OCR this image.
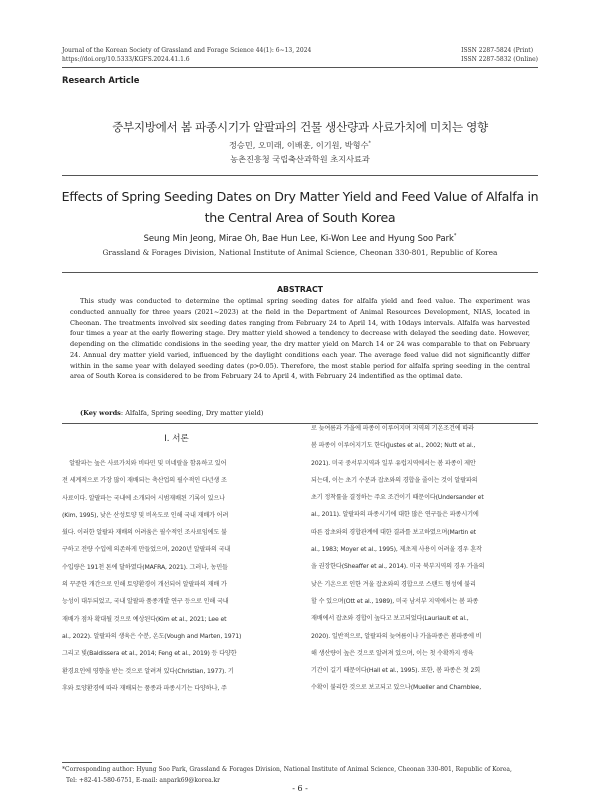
Journal of the Korean Society of Grassland and Forage Science 44(1): 6~13, 2024
https://doi.org/10.5333/KGFS.2024.41.1.6
ISSN 2287-5824 (Print)
ISSN 2287-5832 (Online)
Research Article
중부지방에서 봄 파종시기가 알팔파의 건물 생산량과 사료가치에 미치는 영향
정승민, 오미래, 이배훈, 이기원, 박형수*
농촌진흥청 국립축산과학원 초지사료과
Effects of Spring Seeding Dates on Dry Matter Yield and Feed Value of Alfalfa in the Central Area of South Korea
Seung Min Jeong, Mirae Oh, Bae Hun Lee, Ki-Won Lee and Hyung Soo Park*
Grassland & Forages Division, National Institute of Animal Science, Cheonan 330-801, Republic of Korea
ABSTRACT
This study was conducted to determine the optimal spring seeding dates for alfalfa yield and feed value. The experiment was conducted annually for three years (2021~2023) at the field in the Department of Animal Resources Development, NIAS, located in Cheonan. The treatments involved six seeding dates ranging from February 24 to April 14, with 10days intervals. Alfalfa was harvested four times a year at the early flowering stage. Dry matter yield showed a tendency to decrease with delayed the seeding date. However, depending on the climatidc condisions in the seeding year, the dry matter yield on March 14 or 24 was comparable to that on February 24. Annual dry matter yield varied, influenced by the daylight conditions each year. The average feed value did not significantly differ within in the same year with delayed seeding dates (p>0.05). Therefore, the most stable period for alfalfa spring seeding in the central area of South Korea is considered to be from February 24 to April 4, with February 24 indentified as the optimal date.
(Key words: Alfalfa, Spring seeding, Dry matter yield)
Ⅰ. 서론
알팔파는 높은 사료가치와 비타민 및 미네랄을 함유하고 있어
전 세계적으로 가장 많이 재배되는 축산업의 필수적인 다년생 조
사료이다. 알팔파는 국내에 소개되어 시범재배된 기록이 있으나
(Kim, 1995), 낮은 산성토양 및 비옥도로 인해 국내 재배가 어려
웠다. 이러한 알팔파 재배의 어려움은 필수적인 조사료임에도 불
구하고 전량 수입에 의존하게 만들었으며, 2020년 알팔파의 국내
수입량은 191천 톤에 달하였다(MAFRA, 2021). 그러나, 농민들
의 꾸준한 개간으로 인해 토양환경이 개선되어 알팔파의 재배 가
능성이 대두되었고, 국내 알팔파 품종개발 연구 등으로 인해 국내
재배가 점차 확대될 것으로 예상된다(Kim et al., 2021; Lee et
al., 2022). 알팔파의 생육은 수분, 온도(Vough and Marten, 1971)
그리고 빛(Baldissera et al., 2014; Feng et al., 2019) 등 다양한
환경요인에 영향을 받는 것으로 알려져 있다(Christian, 1977). 기
후와 토양환경에 따라 재배되는 품종과 파종시기는 다양하나, 주
로 늦여름과 가을에 파종이 이루어지며 지역의 기온조건에 따라
봄 파종이 이루어지기도 한다(Justes et al., 2002; Nutt et al.,
2021). 미국 중서부지역과 일부 유럽지역에서는 봄 파종이 제안
되는데, 이는 초기 수분과 잡초와의 경합을 줄이는 것이 알팔파의
초기 정착률을 결정하는 주요 조건이기 때문이다(Undersander et
al., 2011). 알팔파의 파종시기에 대한 많은 연구들은 파종시기에
따른 잡초와의 경합관계에 대한 결과를 보고하였으며(Martin et
al., 1983; Moyer et al., 1995), 제초제 사용이 어려울 경우 혼작
을 권장한다(Sheaffer et al., 2014). 미국 북부지역의 경우 가을의
낮은 기온으로 인한 겨울 잡초와의 경합으로 스탠드 형성에 불리
할 수 있으며(Ott et al., 1989), 미국 남서부 지역에서는 봄 파종
재배에서 잡초와 경합이 높다고 보고되었다(Lauriault et al.,
2020). 일반적으로, 알팔파의 늦여름이나 가을파종은 봄파종에 비
해 생산량이 높은 것으로 알려져 있으며, 이는 첫 수확까지 생육
기간이 길기 때문이다(Hall et al., 1995). 또한, 봄 파종은 첫 2회
수확이 불리한 것으로 보고되고 있으나(Mueller and Chamblee,
*Corresponding author: Hyung Soo Park, Grassland & Forages Division, National Institute of Animal Science, Cheonan 330-801, Republic of Korea,
Tel: +82-41-580-6751, E-mail: anpark69@korea.kr
- 6 -
